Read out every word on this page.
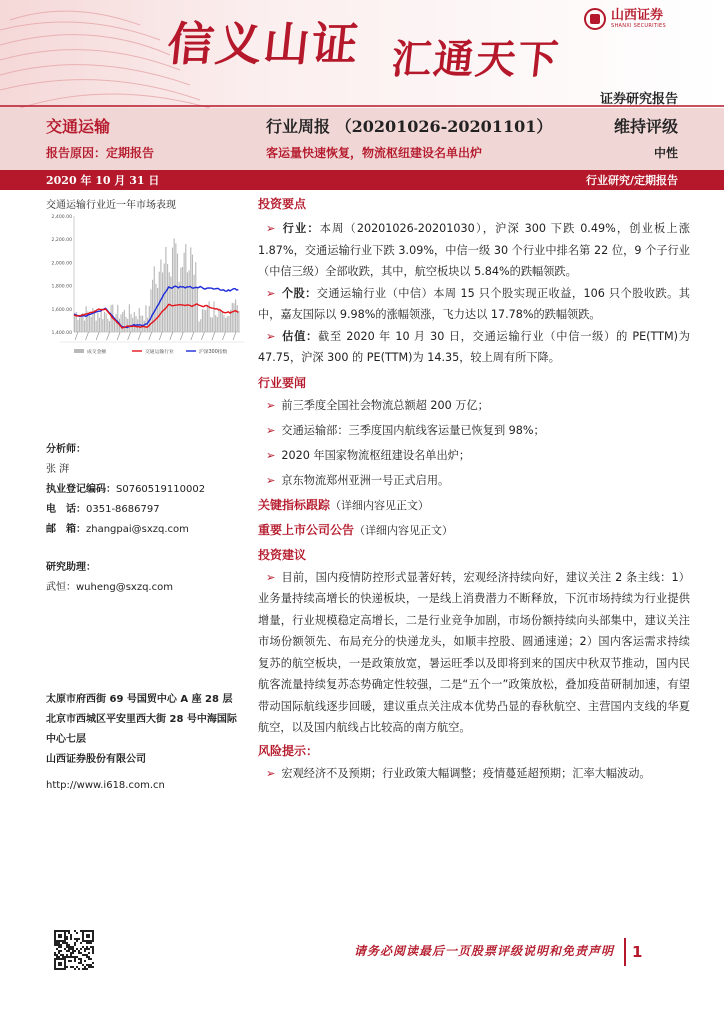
信义山证 汇通天下
山西证券
SHANXI SECURITIES
证券研究报告
交通运输
报告原因：定期报告
行业周报 （20201026-20201101）
客运量快速恢复，物流枢纽建设名单出炉
维持评级
中性
2020 年 10 月 31 日	行业研究/定期报告
交通运输行业近一年市场表现
2,400.00
2,200.00
2,000.00
1,800.00
1,600.00
1,400.00
成交金额	交通运输行业	沪深300指数
分析师：
张 湃
执业登记编码：S0760519110002
电　话：0351-8686797
邮　箱：zhangpai@sxzq.com
研究助理：
武恒：wuheng@sxzq.com
太原市府西街 69 号国贸中心 A 座 28 层
北京市西城区平安里西大街 28 号中海国际中心七层
山西证券股份有限公司
http://www.i618.com.cn
投资要点
➢ 行业：本周（20201026-20201030），沪深 300 下跌 0.49%，创业板上涨 1.87%，交通运输行业下跌 3.09%，中信一级 30 个行业中排名第 22 位，9 个子行业（中信三级）全部收跌，其中，航空板块以 5.84%的跌幅领跌。
➢ 个股：交通运输行业（中信）本周 15 只个股实现正收益，106 只个股收跌。其中，嘉友国际以 9.98%的涨幅领涨，飞力达以 17.78%的跌幅领跌。
➢ 估值：截至 2020 年 10 月 30 日，交通运输行业（中信一级）的 PE(TTM)为 47.75，沪深 300 的 PE(TTM)为 14.35，较上周有所下降。
行业要闻
➢ 前三季度全国社会物流总额超 200 万亿；
➢ 交通运输部：三季度国内航线客运量已恢复到 98%；
➢ 2020 年国家物流枢纽建设名单出炉；
➢ 京东物流郑州亚洲一号正式启用。
关键指标跟踪（详细内容见正文）
重要上市公司公告（详细内容见正文）
投资建议
➢ 目前，国内疫情防控形式显著好转，宏观经济持续向好，建议关注 2 条主线：1）业务量持续高增长的快递板块，一是线上消费潜力不断释放，下沉市场持续为行业提供增量，行业规模稳定高增长，二是行业竞争加剧，市场份额持续向头部集中，建议关注市场份额领先、布局充分的快递龙头，如顺丰控股、圆通速递；2）国内客运需求持续复苏的航空板块，一是政策放宽，暑运旺季以及即将到来的国庆中秋双节推动，国内民航客流量持续复苏态势确定性较强，二是“五个一”政策放松，叠加疫苗研制加速，有望带动国际航线逐步回暖，建议重点关注成本优势凸显的春秋航空、主营国内支线的华夏航空，以及国内航线占比较高的南方航空。
风险提示：
➢ 宏观经济不及预期；行业政策大幅调整；疫情蔓延超预期；汇率大幅波动。
请务必阅读最后一页股票评级说明和免责声明	1
